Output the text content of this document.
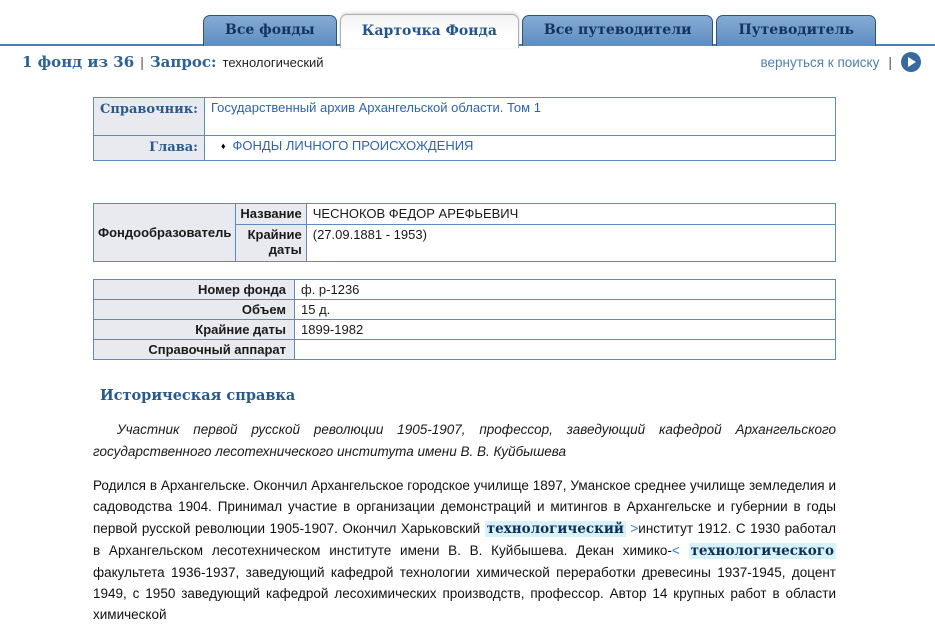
Все фонды	Карточка Фонда	Все путеводители	Путеводитель
1 фонд из 36 | Запрос: технологический	вернуться к поиску |
Справочник:	Государственный архив Архангельской области. Том 1
Глава:	♦ ФОНДЫ ЛИЧНОГО ПРОИСХОЖДЕНИЯ
Фондообразователь	Название	ЧЕСНОКОВ ФЕДОР АРЕФЬЕВИЧ
	Крайние даты	(27.09.1881 - 1953)
Номер фонда	ф. р-1236
Объем	15 д.
Крайние даты	1899-1982
Справочный аппарат	
Историческая справка

Участник первой русской революции 1905-1907, профессор, заведующий кафедрой Архангельского государственного лесотехнического института имени В. В. Куйбышева

Родился в Архангельске. Окончил Архангельское городское училище 1897, Уманское среднее училище земледелия и садоводства 1904. Принимал участие в организации демонстраций и митингов в Архангельске и губернии в годы первой русской революции 1905-1907. Окончил Харьковский технологический >институт 1912. С 1930 работал в Архангельском лесотехническом институте имени В. В. Куйбышева. Декан химико-< технологического факультета 1936-1937, заведующий кафедрой технологии химической переработки древесины 1937-1945, доцент 1949, с 1950 заведующий кафедрой лесохимических производств, профессор. Автор 14 крупных работ в области химической
